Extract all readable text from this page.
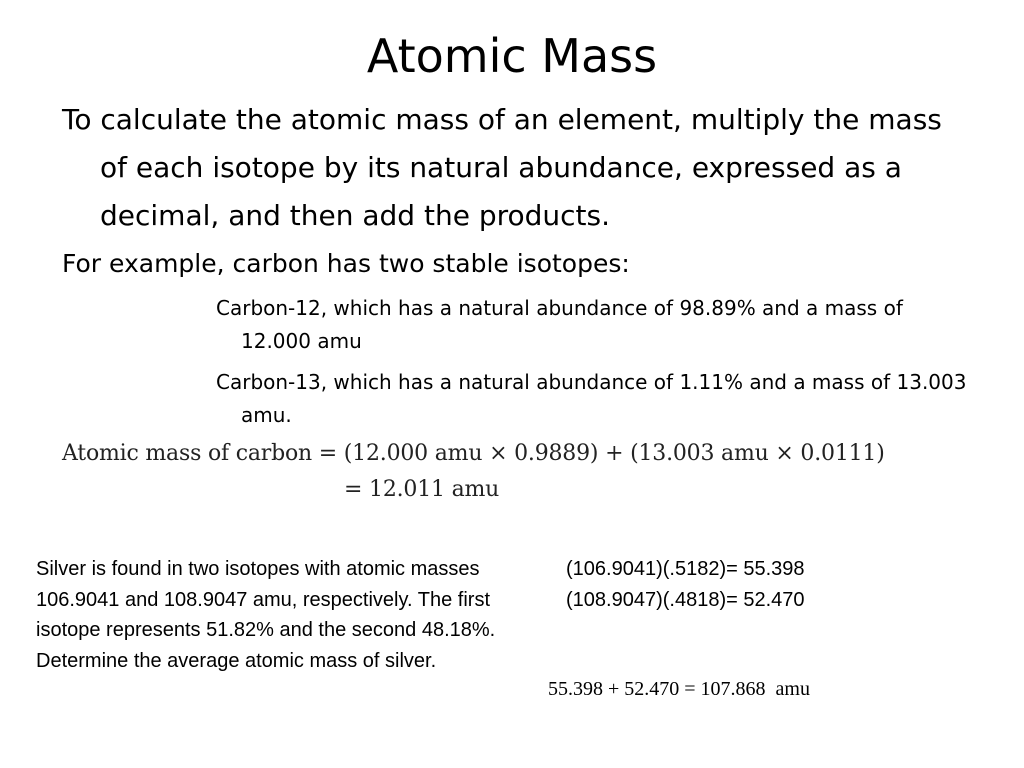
Atomic Mass
To calculate the atomic mass of an element, multiply the mass of each isotope by its natural abundance, expressed as a decimal, and then add the products.
For example, carbon has two stable isotopes:
Carbon-12, which has a natural abundance of 98.89% and a mass of 12.000 amu
Carbon-13, which has a natural abundance of 1.11% and a mass of 13.003 amu.
Atomic mass of carbon = (12.000 amu × 0.9889) + (13.003 amu × 0.0111)
= 12.011 amu
Silver is found in two isotopes with atomic masses 106.9041 and 108.9047 amu, respectively. The first isotope represents 51.82% and the second 48.18%. Determine the average atomic mass of silver.
(106.9041)(.5182)= 55.398
(108.9047)(.4818)= 52.470
55.398 + 52.470 = 107.868  amu
